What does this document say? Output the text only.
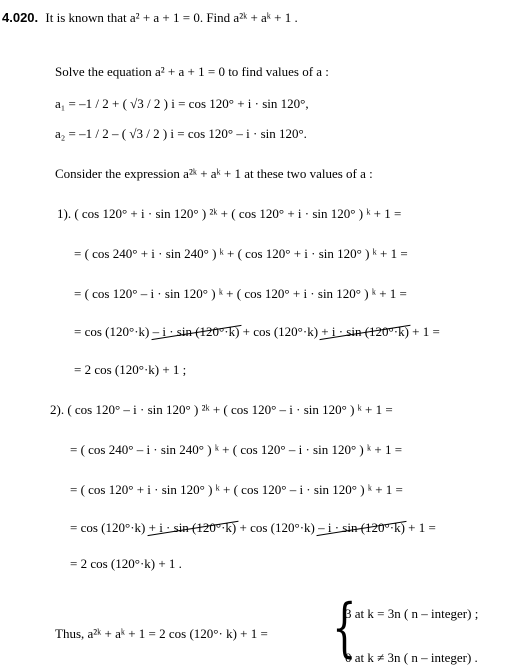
4.020. It is known that a² + a + 1 = 0. Find a²ᵏ + aᵏ + 1 .
Solve the equation a² + a + 1 = 0 to find values of a :
a₁ = –1 / 2 + ( √3 / 2 ) i = cos 120° + i · sin 120°,
a₂ = –1 / 2 – ( √3 / 2 ) i = cos 120° – i · sin 120°.
Consider the expression a²ᵏ + aᵏ + 1 at these two values of a :
1). ( cos 120° + i · sin 120° ) ²ᵏ + ( cos 120° + i · sin 120° ) ᵏ + 1 =
= ( cos 240° + i · sin 240° ) ᵏ + ( cos 120° + i · sin 120° ) ᵏ + 1 =
= ( cos 120° – i · sin 120° ) ᵏ + ( cos 120° + i · sin 120° ) ᵏ + 1 =
= cos (120°·k) – i · sin (120°·k) + cos (120°·k) + i · sin (120°·k) + 1 =
= 2 cos (120°·k) + 1 ;
2). ( cos 120° – i · sin 120° ) ²ᵏ + ( cos 120° – i · sin 120° ) ᵏ + 1 =
= ( cos 240° – i · sin 240° ) ᵏ + ( cos 120° – i · sin 120° ) ᵏ + 1 =
= ( cos 120° + i · sin 120° ) ᵏ + ( cos 120° – i · sin 120° ) ᵏ + 1 =
= cos (120°·k) + i · sin (120°·k) + cos (120°·k) – i · sin (120°·k) + 1 =
= 2 cos (120°·k) + 1 .
Thus, a²ᵏ + aᵏ + 1 = 2 cos (120°· k) + 1 = {
3 at k = 3n ( n – integer) ;
0 at k ≠ 3n ( n – integer) .
